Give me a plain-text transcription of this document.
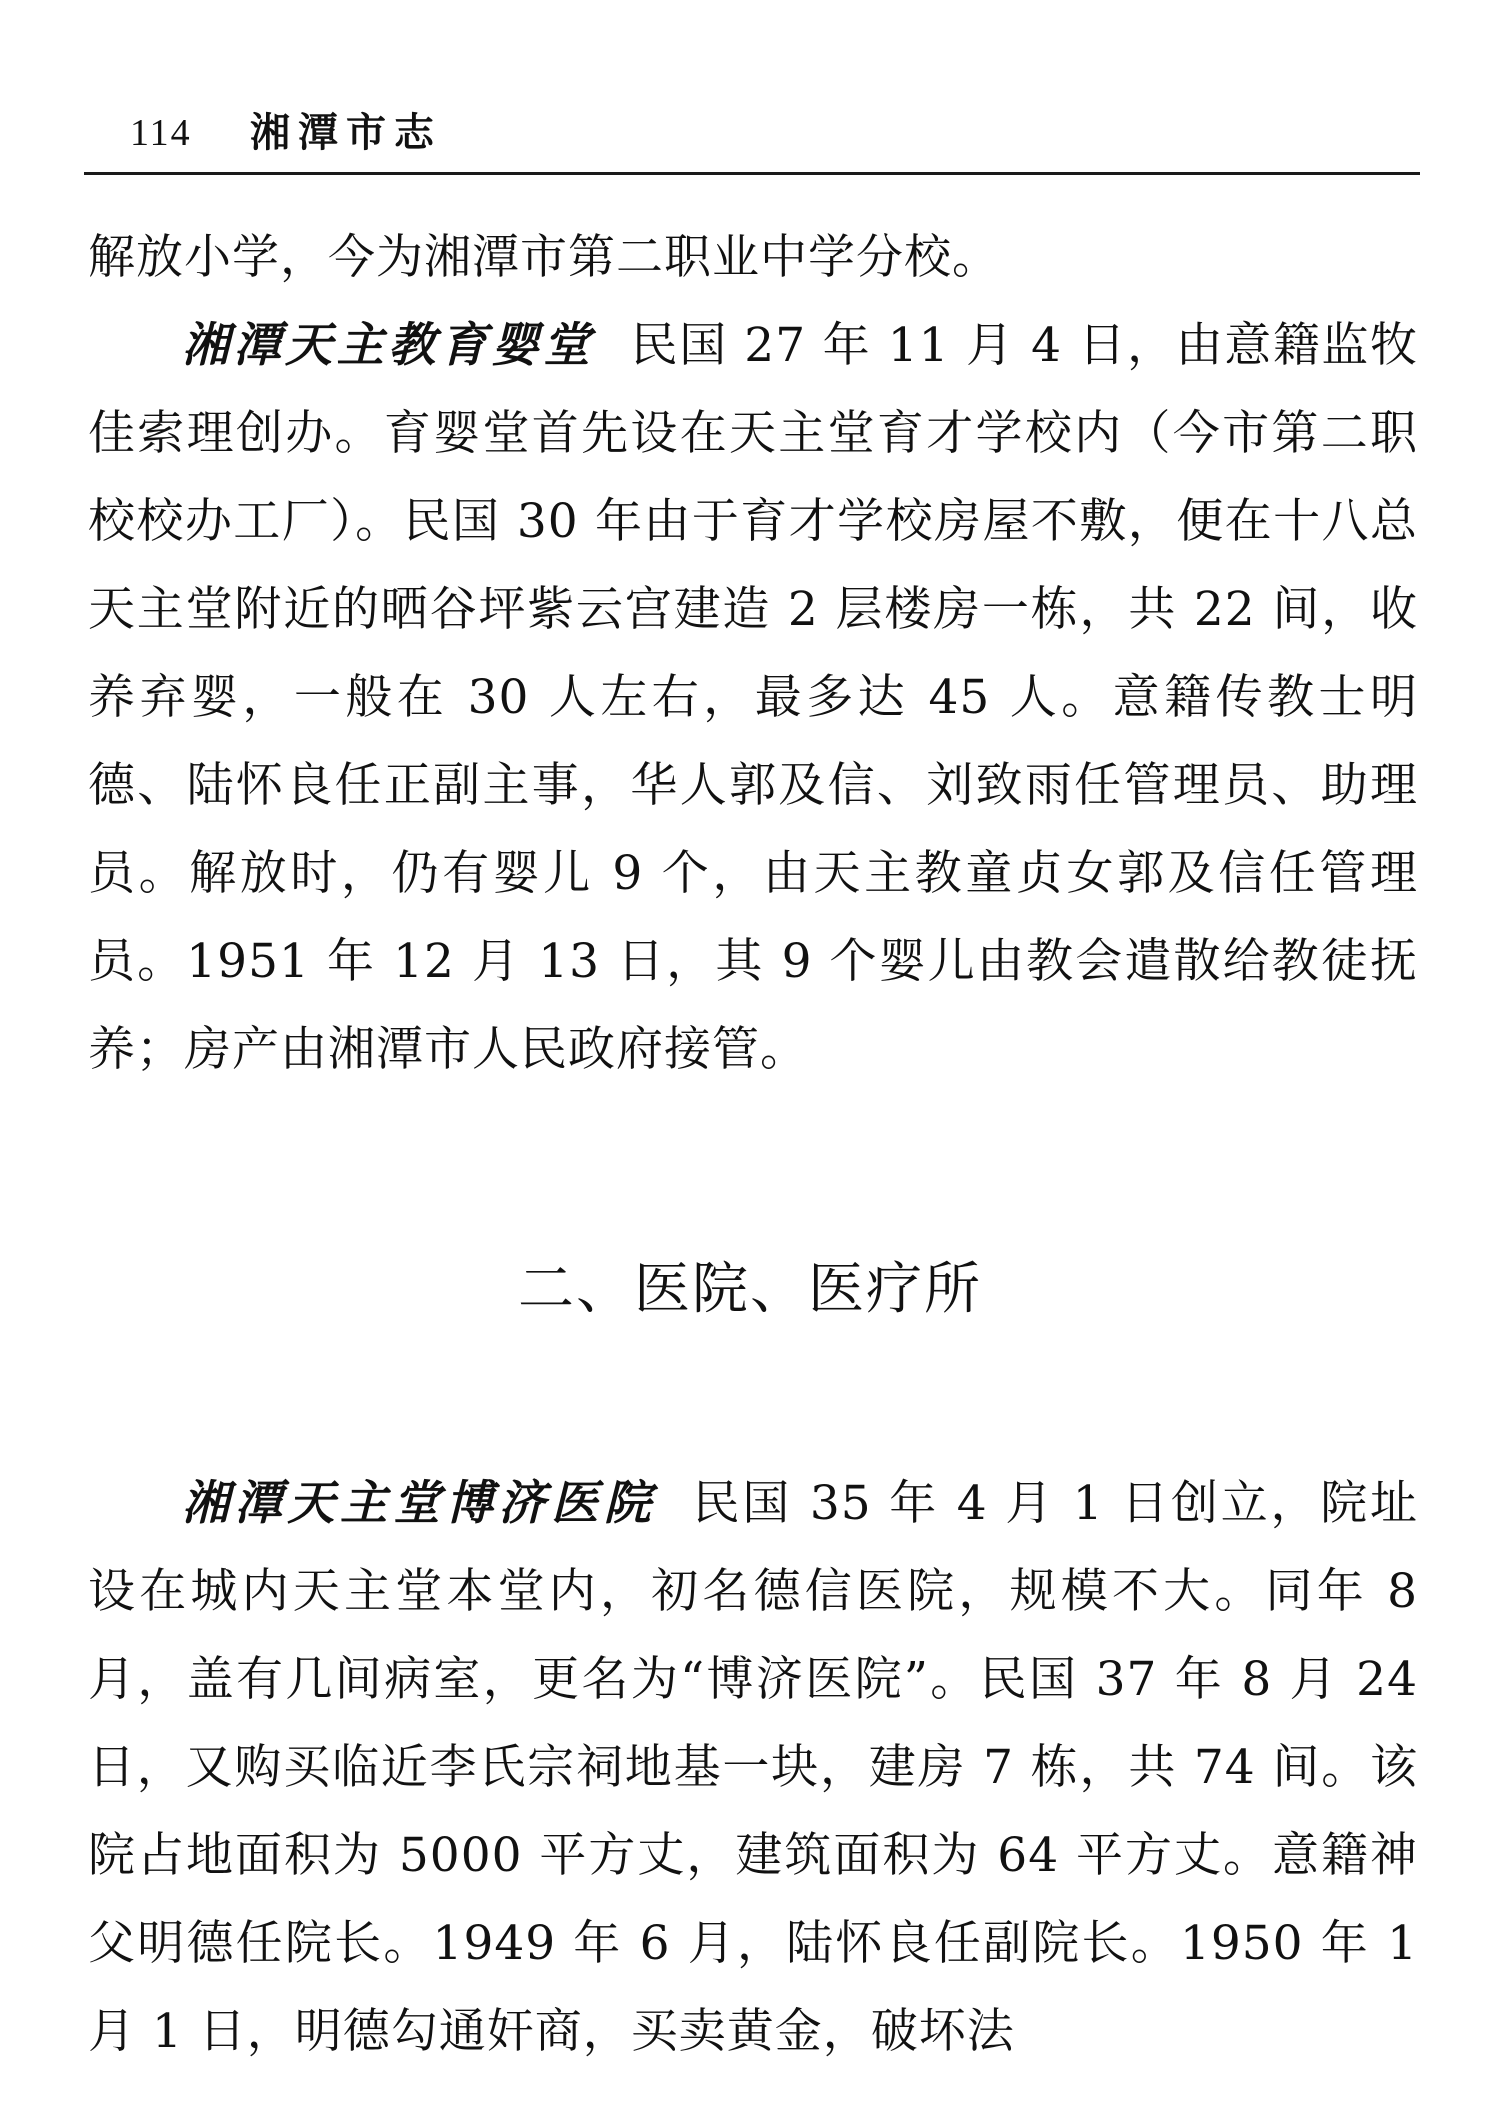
114 湘潭市志

解放小学，今为湘潭市第二职业中学分校。

湘潭天主教育婴堂 民国 27 年 11 月 4 日，由意籍监牧佳索理创办。育婴堂首先设在天主堂育才学校内（今市第二职校校办工厂）。民国 30 年由于育才学校房屋不敷，便在十八总天主堂附近的晒谷坪紫云宫建造 2 层楼房一栋，共 22 间，收养弃婴，一般在 30 人左右，最多达 45 人。意籍传教士明德、陆怀良任正副主事，华人郭及信、刘致雨任管理员、助理员。解放时，仍有婴儿 9 个，由天主教童贞女郭及信任管理员。1951 年 12 月 13 日，其 9 个婴儿由教会遣散给教徒抚养；房产由湘潭市人民政府接管。

二、医院、医疗所

湘潭天主堂博济医院 民国 35 年 4 月 1 日创立，院址设在城内天主堂本堂内，初名德信医院，规模不大。同年 8 月，盖有几间病室，更名为“博济医院”。民国 37 年 8 月 24 日，又购买临近李氏宗祠地基一块，建房 7 栋，共 74 间。该院占地面积为 5000 平方丈，建筑面积为 64 平方丈。意籍神父明德任院长。1949 年 6 月，陆怀良任副院长。1950 年 1 月 1 日，明德勾通奸商，买卖黄金，破坏法
